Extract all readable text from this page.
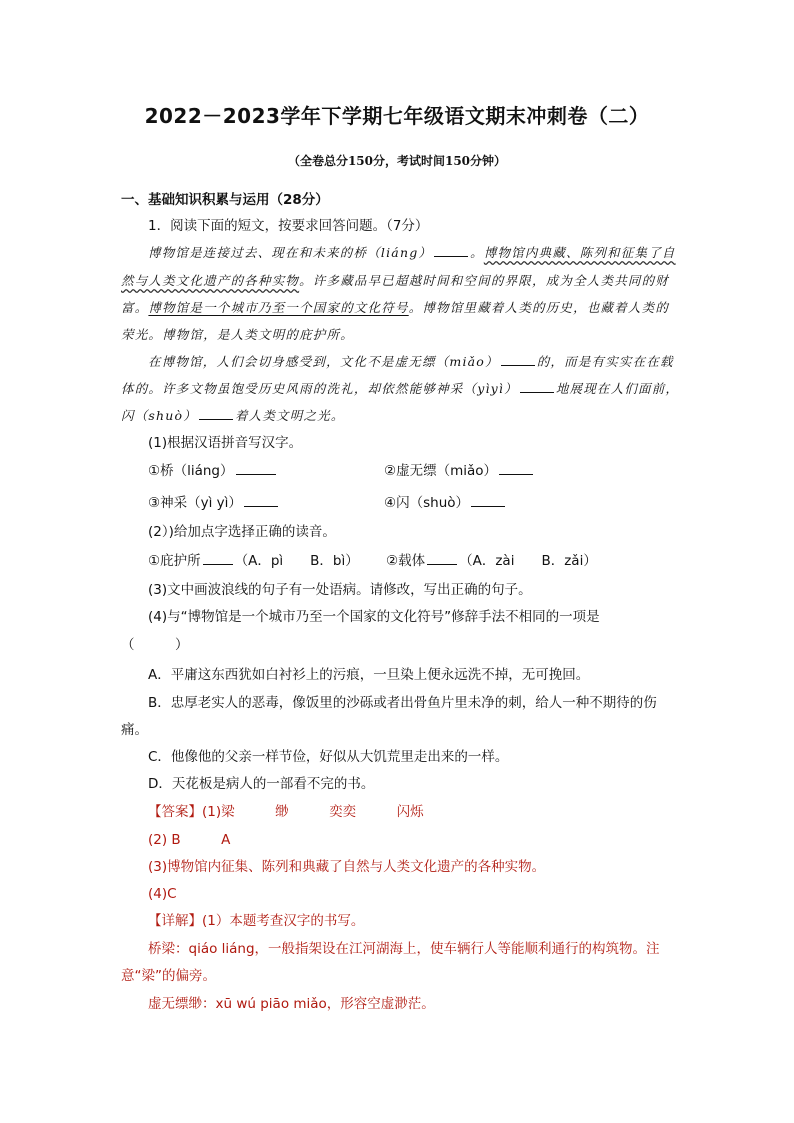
2022－2023学年下学期七年级语文期末冲刺卷（二）
（全卷总分150分，考试时间150分钟）
一、基础知识积累与运用（28分）
1．阅读下面的短文，按要求回答问题。（7分）
博物馆是连接过去、现在和未来的桥（liáng）	。博物馆内典藏、陈列和征集了自
然与人类文化遗产的各种实物。许多藏品早已超越时间和空间的界限，成为全人类共同的财
富。博物馆是一个城市乃至一个国家的文化符号。博物馆里藏着人类的历史，也藏着人类的
荣光。博物馆，是人类文明的庇护所。
在博物馆，人们会切身感受到，文化不是虚无缥（miǎo）	的，而是有实实在在载
体的。许多文物虽饱受历史风雨的洗礼，却依然能够神采（yìyì）	地展现在人们面前，
闪（shuò）	着人类文明之光。
(1)根据汉语拼音写汉字。
①桥（liáng）	②虚无缥（miǎo）
③神采（yì yì）	④闪（shuò）
(2）)给加点字选择正确的读音。
①庇护所	（A．pì　　B．bì） ②载体	（A．zài　　B．zǎi）
(3)文中画波浪线的句子有一处语病。请修改，写出正确的句子。
(4)与“博物馆是一个城市乃至一个国家的文化符号”修辞手法不相同的一项是
（　　　）
A．平庸这东西犹如白衬衫上的污痕，一旦染上便永远洗不掉，无可挽回。
B．忠厚老实人的恶毒，像饭里的沙砾或者出骨鱼片里未净的刺，给人一种不期待的伤
痛。
C．他像他的父亲一样节俭，好似从大饥荒里走出来的一样。
D．天花板是病人的一部看不完的书。
【答案】(1)梁　　　缈　　　奕奕　　　闪烁
(2) B　　　A
(3)博物馆内征集、陈列和典藏了自然与人类文化遗产的各种实物。
(4)C
【详解】(1）本题考查汉字的书写。
桥梁：qiáo liáng，一般指架设在江河湖海上，使车辆行人等能顺利通行的构筑物。注
意“梁”的偏旁。
虚无缥缈：xū wú piāo miǎo，形容空虚渺茫。
